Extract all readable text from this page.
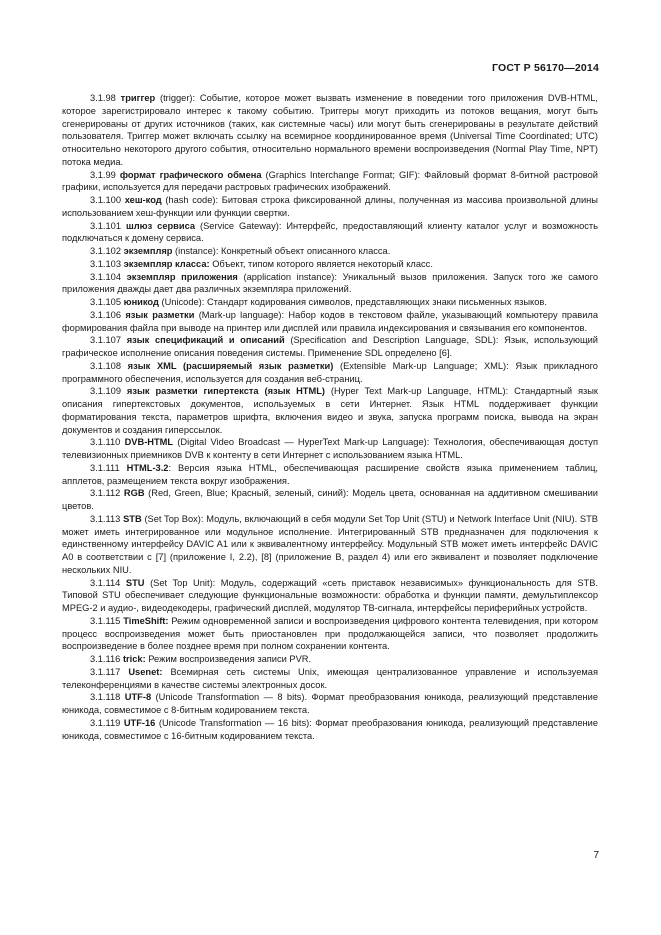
ГОСТ Р 56170—2014

3.1.98 триггер (trigger): Событие, которое может вызвать изменение в поведении того приложения DVB-HTML, которое зарегистрировало интерес к такому событию. Триггеры могут приходить из потоков вещания, могут быть сгенерированы от других источников (таких, как системные часы) или могут быть сгенерированы в результате действий пользователя. Триггер может включать ссылку на всемирное координированное время (Universal Time Coordinated; UTC) относительно некоторого другого события, относительно нормального времени воспроизведения (Normal Play Time, NPT) потока медиа.

3.1.99 формат графического обмена (Graphics Interchange Format; GIF): Файловый формат 8-битной растровой графики, используется для передачи растровых графических изображений.

3.1.100 хеш-код (hash code): Битовая строка фиксированной длины, полученная из массива произвольной длины использованием хеш-функции или функции свертки.

3.1.101 шлюз сервиса (Service Gateway): Интерфейс, предоставляющий клиенту каталог услуг и возможность подключаться к домену сервиса.

3.1.102 экземпляр (instance): Конкретный объект описанного класса.

3.1.103 экземпляр класса: Объект, типом которого является некоторый класс.

3.1.104 экземпляр приложения (application instance): Уникальный вызов приложения. Запуск того же самого приложения дважды дает два различных экземпляра приложений.

3.1.105 юникод (Unicode): Стандарт кодирования символов, представляющих знаки письменных языков.

3.1.106 язык разметки (Mark-up language): Набор кодов в текстовом файле, указывающий компьютеру правила формирования файла при выводе на принтер или дисплей или правила индексирования и связывания его компонентов.

3.1.107 язык спецификаций и описаний (Specification and Description Language, SDL): Язык, использующий графическое исполнение описания поведения системы. Применение SDL определено [6].

3.1.108 язык XML (расширяемый язык разметки) (Extensible Mark-up Language; XML): Язык прикладного программного обеспечения, используется для создания веб-страниц.

3.1.109 язык разметки гипертекста (язык HTML) (Hyper Text Mark-up Language, HTML): Стандартный язык описания гипертекстовых документов, используемых в сети Интернет. Язык HTML поддерживает функции форматирования текста, параметров шрифта, включения видео и звука, запуска программ поиска, вывода на экран документов и создания гиперссылок.

3.1.110 DVB-HTML (Digital Video Broadcast — HyperText Mark-up Language): Технология, обеспечивающая доступ телевизионных приемников DVB к контенту в сети Интернет с использованием языка HTML.

3.1.111 HTML-3.2: Версия языка HTML, обеспечивающая расширение свойств языка применением таблиц, апплетов, размещением текста вокруг изображения.

3.1.112 RGB (Red, Green, Blue; Красный, зеленый, синий): Модель цвета, основанная на аддитивном смешивании цветов.

3.1.113 STB (Set Top Box): Модуль, включающий в себя модули Set Top Unit (STU) и Network Interface Unit (NIU). STB может иметь интегрированное или модульное исполнение. Интегрированный STB предназначен для подключения к единственному интерфейсу DAVIC A1 или к эквивалентному интерфейсу. Модульный STB может иметь интерфейс DAVIC A0 в соответствии с [7] (приложение I, 2.2), [8] (приложение B, раздел 4) или его эквивалент и позволяет подключение нескольких NIU.

3.1.114 STU (Set Top Unit): Модуль, содержащий «сеть приставок независимых» функциональность для STB. Типовой STU обеспечивает следующие функциональные возможности: обработка и функции памяти, демультиплексор MPEG-2 и аудио-, видеодекодеры, графический дисплей, модулятор ТВ-сигнала, интерфейсы периферийных устройств.

3.1.115 TimeShift: Режим одновременной записи и воспроизведения цифрового контента телевидения, при котором процесс воспроизведения может быть приостановлен при продолжающейся записи, что позволяет продолжить воспроизведение в более позднее время при полном сохранении контента.

3.1.116 trick: Режим воспроизведения записи PVR.

3.1.117 Usenet: Всемирная сеть системы Unix, имеющая централизованное управление и используемая телеконференциями в качестве системы электронных досок.

3.1.118 UTF-8 (Unicode Transformation — 8 bits). Формат преобразования юникода, реализующий представление юникода, совместимое с 8-битным кодированием текста.

3.1.119 UTF-16 (Unicode Transformation — 16 bits): Формат преобразования юникода, реализующий представление юникода, совместимое с 16-битным кодированием текста.

7
